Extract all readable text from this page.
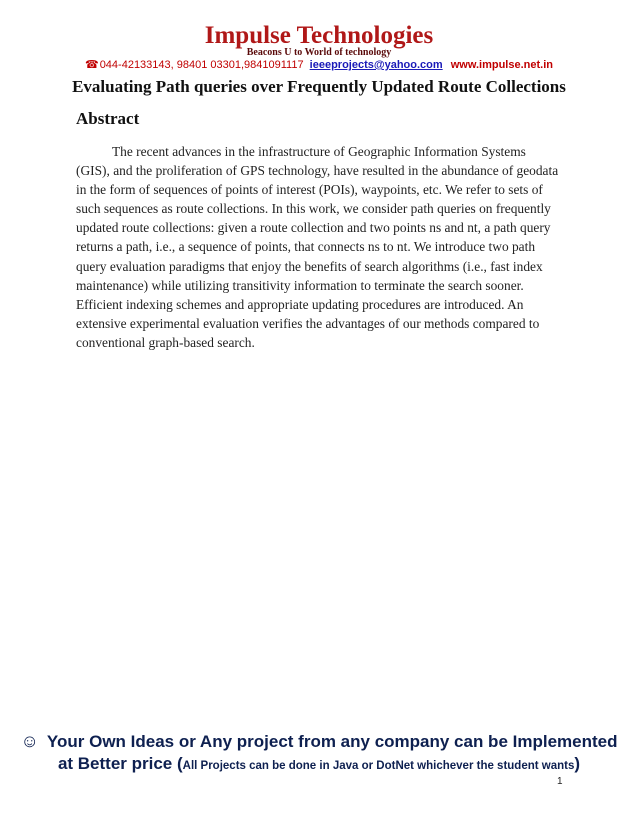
Impulse Technologies
Beacons U to World of technology
☎044-42133143, 98401 03301,9841091117 ieeeprojects@yahoo.com www.impulse.net.in
Evaluating Path queries over Frequently Updated Route Collections
Abstract

The recent advances in the infrastructure of Geographic Information Systems (GIS), and the proliferation of GPS technology, have resulted in the abundance of geodata in the form of sequences of points of interest (POIs), waypoints, etc. We refer to sets of such sequences as route collections. In this work, we consider path queries on frequently updated route collections: given a route collection and two points ns and nt, a path query returns a path, i.e., a sequence of points, that connects ns to nt. We introduce two path query evaluation paradigms that enjoy the benefits of search algorithms (i.e., fast index maintenance) while utilizing transitivity information to terminate the search sooner. Efficient indexing schemes and appropriate updating procedures are introduced. An extensive experimental evaluation verifies the advantages of our methods compared to conventional graph-based search.

☺ Your Own Ideas or Any project from any company can be Implemented
at Better price (All Projects can be done in Java or DotNet whichever the student wants)
1
